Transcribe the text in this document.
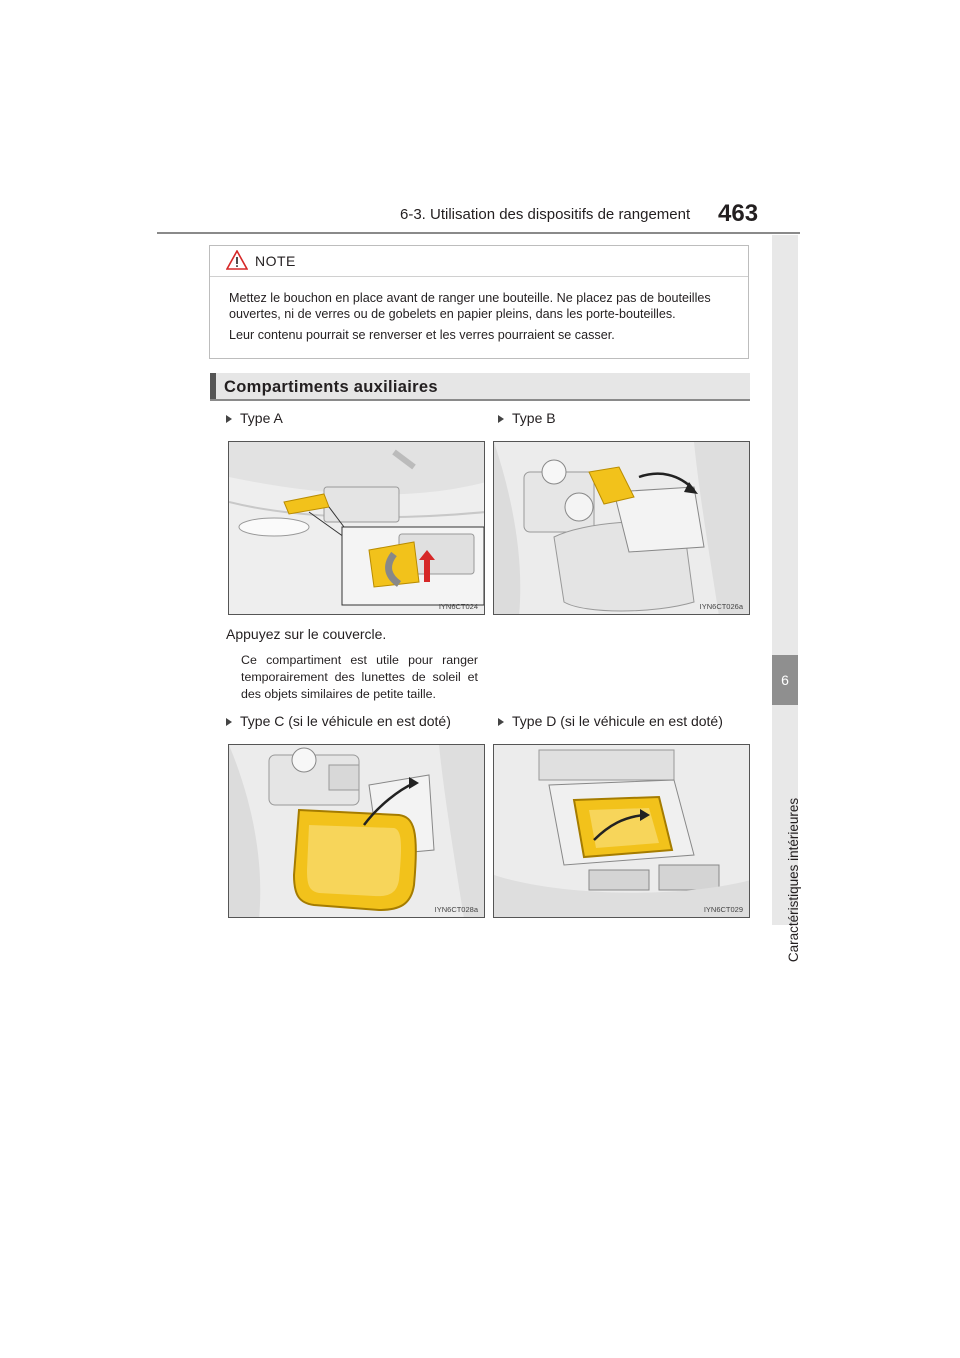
6-3. Utilisation des dispositifs de rangement 463
6
Caractéristiques intérieures
NOTE
Mettez le bouchon en place avant de ranger une bouteille. Ne placez pas de bouteilles ouvertes, ni de verres ou de gobelets en papier pleins, dans les porte-bouteilles.
Leur contenu pourrait se renverser et les verres pourraient se casser.
Compartiments auxiliaires
Type A
IYN6CT024
Type B
IYN6CT026a
Appuyez sur le couvercle.
Ce compartiment est utile pour ranger temporairement des lunettes de soleil et des objets similaires de petite taille.
Type C (si le véhicule en est doté)
IYN6CT028a
Type D (si le véhicule en est doté)
IYN6CT029
